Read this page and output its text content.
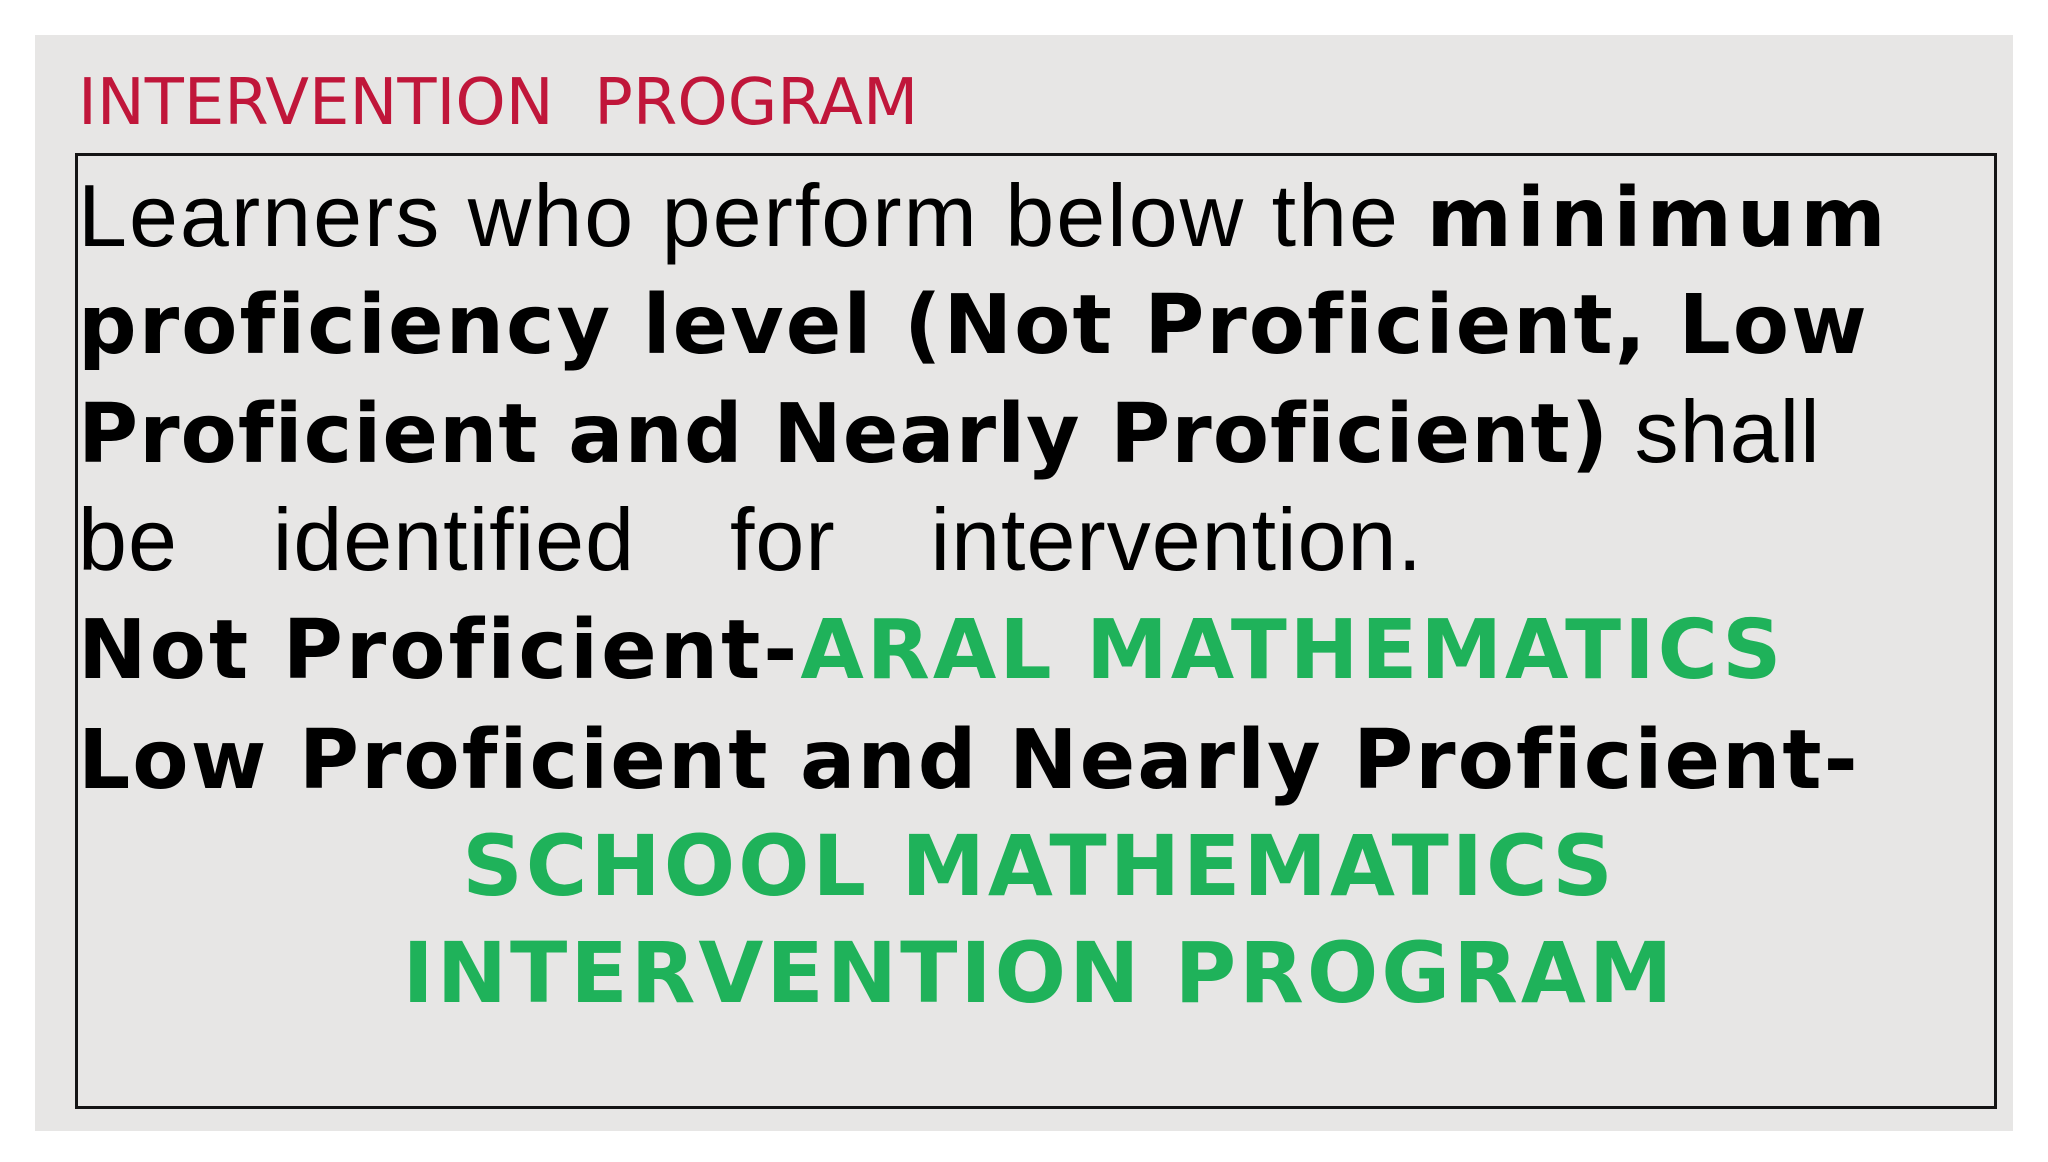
INTERVENTION  PROGRAM

Learners who perform below the minimum

proficiency level (Not Proficient, Low

Proficient and Nearly Proficient) shall

be  identified  for  intervention.

Not Proficient-ARAL MATHEMATICS

Low Proficient and Nearly Proficient-

SCHOOL MATHEMATICS

INTERVENTION PROGRAM
